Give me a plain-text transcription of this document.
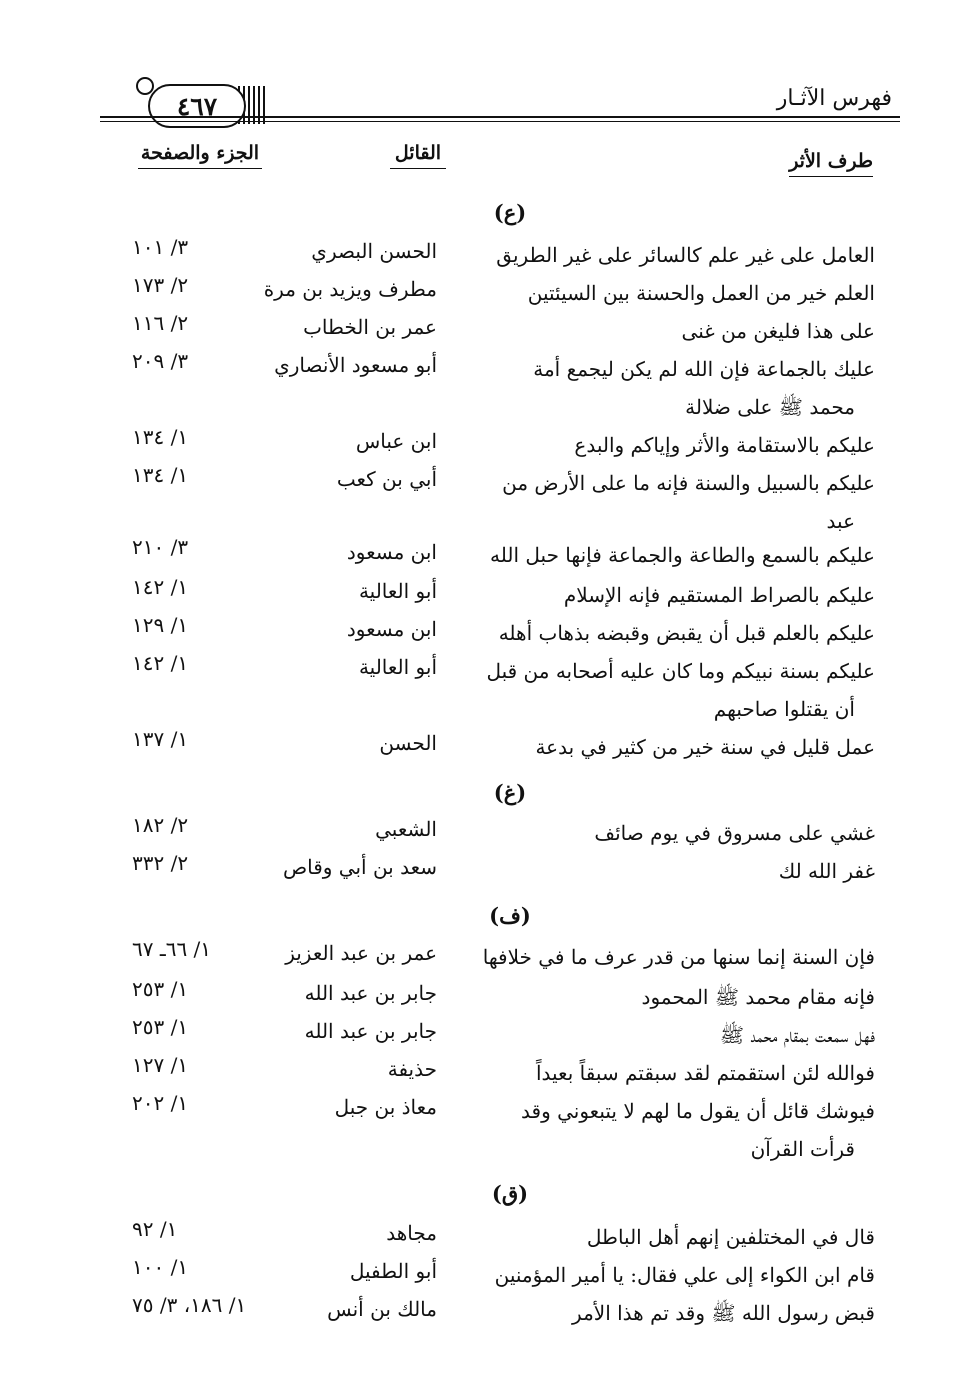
٤٦٧	فهرس الآثـار
طرف الأثر
القائل
الجزء والصفحة
(ع)
(غ)
(ف)
(ق)
العامل على غير علم كالسائر على غير الطريق
الحسن البصري
٣/ ١٠١
العلم خير من العمل والحسنة بين السيئتين
مطرف ويزيد بن مرة
٢/ ١٧٣
على هذا فليغن من غنى
عمر بن الخطاب
٢/ ١١٦
عليك بالجماعة فإن الله لم يكن ليجمع أمة
محمد ﷺ على ضلالة
أبو مسعود الأنصاري
٣/ ٢٠٩
عليكم بالاستقامة والأثر وإياكم والبدع
ابن عباس
١/ ١٣٤
عليكم بالسبيل والسنة فإنه ما على الأرض من
عبد
أبي بن كعب
١/ ١٣٤
عليكم بالسمع والطاعة والجماعة فإنها حبل الله
ابن مسعود
٣/ ٢١٠
عليكم بالصراط المستقيم فإنه الإسلام
أبو العالية
١/ ١٤٢
عليكم بالعلم قبل أن يقبض وقبضه بذهاب أهله
ابن مسعود
١/ ١٢٩
عليكم بسنة نبيكم وما كان عليه أصحابه من قبل
أن يقتلوا صاحبهم
أبو العالية
١/ ١٤٢
عمل قليل في سنة خير من كثير في بدعة
الحسن
١/ ١٣٧
غشي على مسروق في يوم صائف
الشعبي
٢/ ١٨٢
غفر الله لك
سعد بن أبي وقاص
٢/ ٣٣٢
فإن السنة إنما سنها من قدر عرف ما في خلافها
عمر بن عبد العزيز
١/ ٦٦ـ ٦٧
فإنه مقام محمد ﷺ المحمود
جابر بن عبد الله
١/ ٢٥٣
فهل سمعت بمقام محمد ﷺ
جابر بن عبد الله
١/ ٢٥٣
فوالله لئن استقمتم لقد سبقتم سبقاً بعيداً
حذيفة
١/ ١٢٧
فيوشك قائل أن يقول ما لهم لا يتبعوني وقد
قرأت القرآن
معاذ بن جبل
١/ ٢٠٢
قال في المختلفين إنهم أهل الباطل
مجاهد
١/ ٩٢
قام ابن الكواء إلى علي فقال: يا أمير المؤمنين
أبو الطفيل
١/ ١٠٠
قبض رسول الله ﷺ وقد تم هذا الأمر
مالك بن أنس
١/ ١٨٦، ٣/ ٧٥
